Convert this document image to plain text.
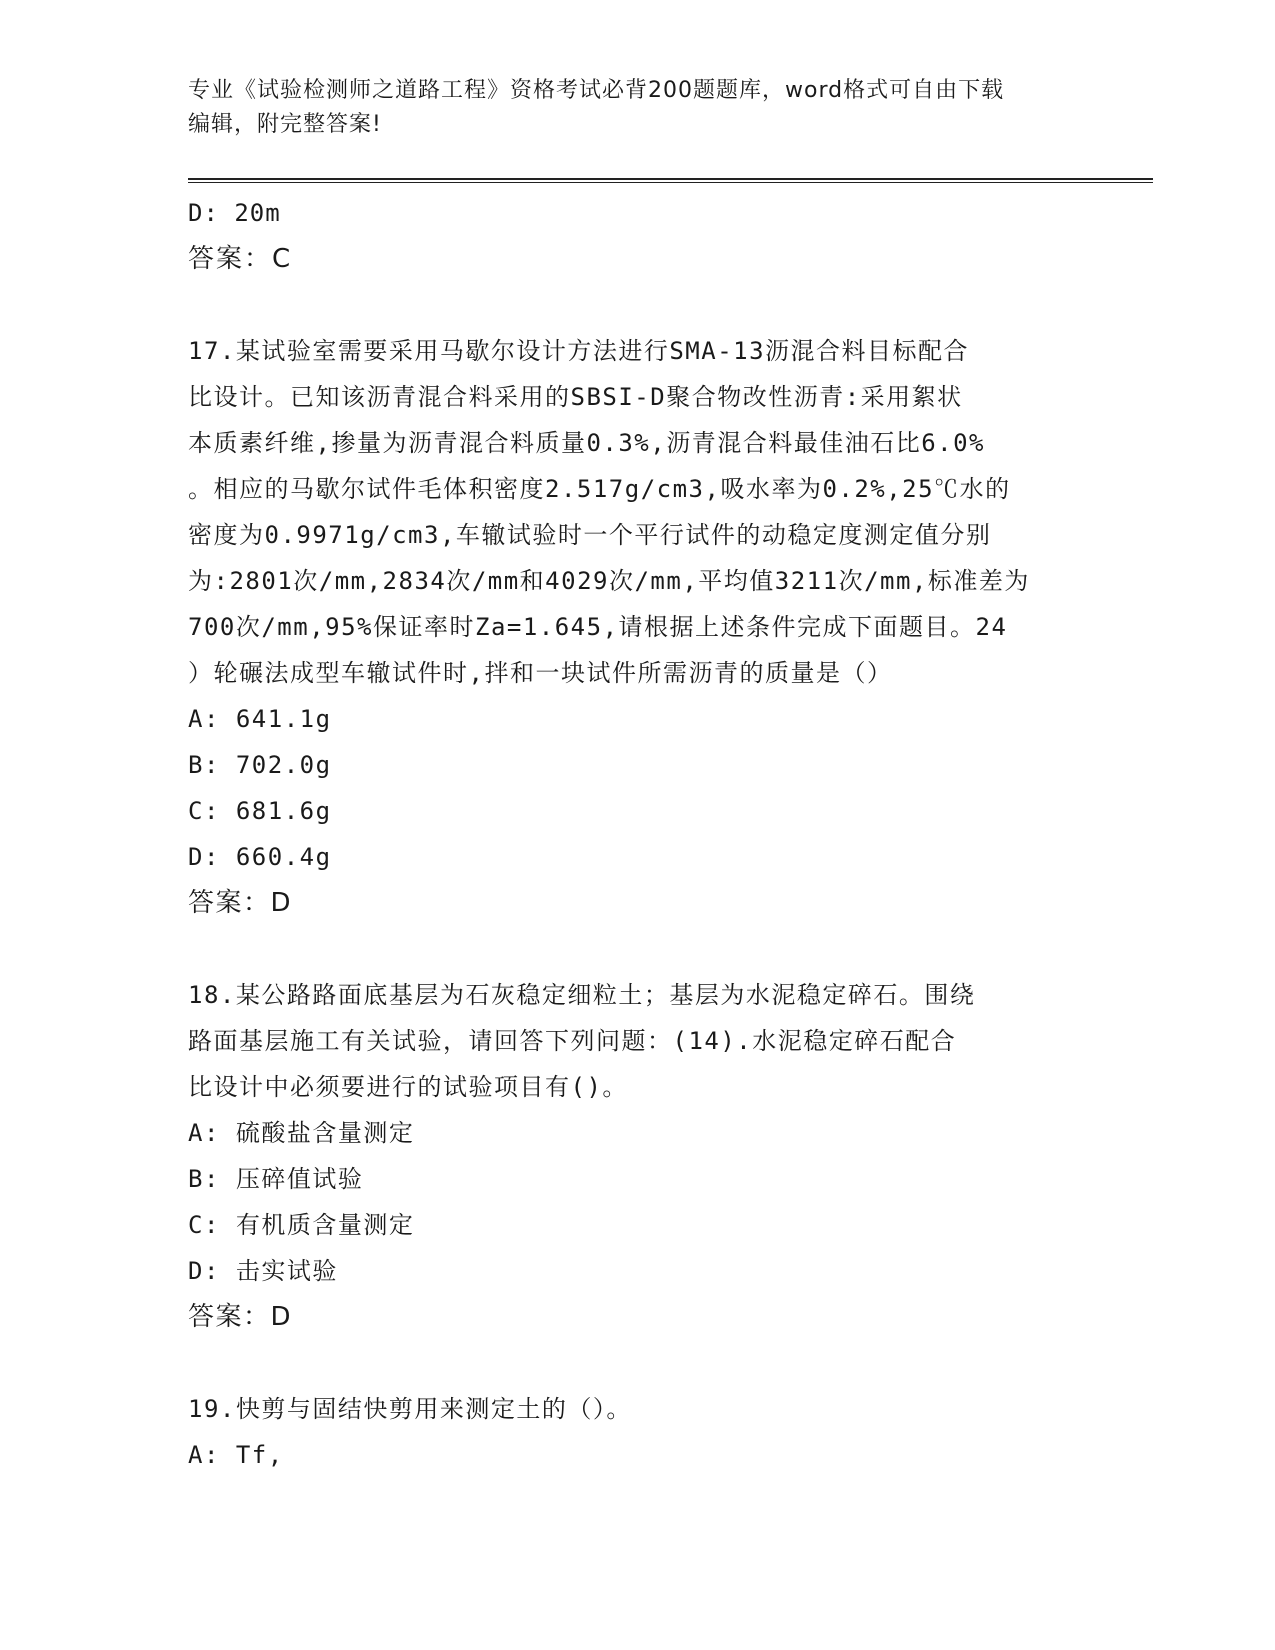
专业《试验检测师之道路工程》资格考试必背200题题库，word格式可自由下载
编辑，附完整答案!
D: 20m
答案：C
17.某试验室需要采用马歇尔设计方法进行SMA-13沥混合料目标配合
比设计。已知该沥青混合料采用的SBSI-D聚合物改性沥青:采用絮状
本质素纤维,掺量为沥青混合料质量0.3%,沥青混合料最佳油石比6.0%
。相应的马歇尔试件毛体积密度2.517g/cm3,吸水率为0.2%,25℃水的
密度为0.9971g/cm3,车辙试验时一个平行试件的动稳定度测定值分别
为:2801次/mm,2834次/mm和4029次/mm,平均值3211次/mm,标准差为
700次/mm,95%保证率时Za=1.645,请根据上述条件完成下面题目。24
）轮碾法成型车辙试件时,拌和一块试件所需沥青的质量是（）
A: 641.1g
B: 702.0g
C: 681.6g
D: 660.4g
答案：D
18.某公路路面底基层为石灰稳定细粒土；基层为水泥稳定碎石。围绕
路面基层施工有关试验，请回答下列问题：(14).水泥稳定碎石配合
比设计中必须要进行的试验项目有()。
A: 硫酸盐含量测定
B: 压碎值试验
C: 有机质含量测定
D: 击实试验
答案：D
19.快剪与固结快剪用来测定土的（）。
A: Tf,
